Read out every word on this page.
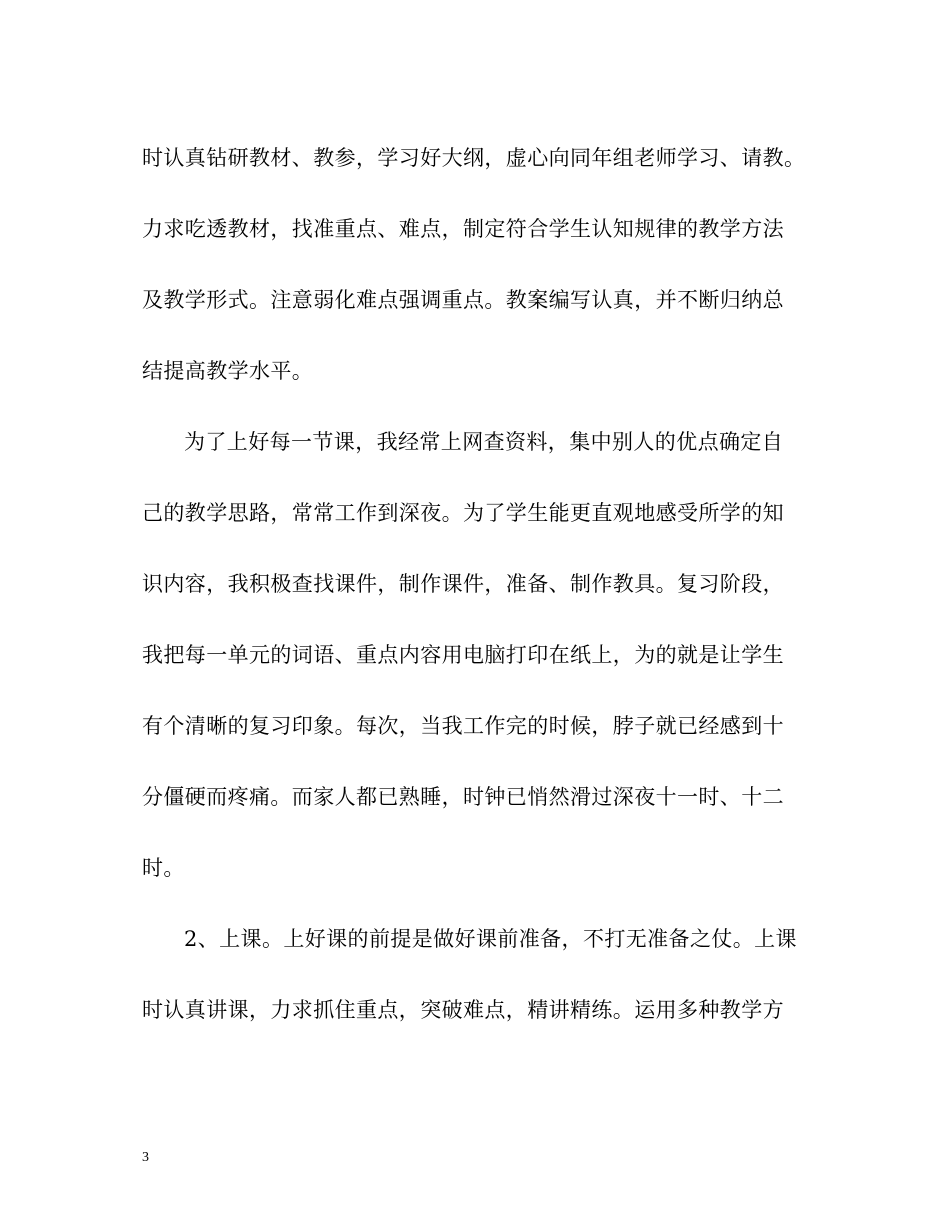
时认真钻研教材、教参，学习好大纲，虚心向同年组老师学习、请教。
力求吃透教材，找准重点、难点，制定符合学生认知规律的教学方法
及教学形式。注意弱化难点强调重点。教案编写认真，并不断归纳总
结提高教学水平。
为了上好每一节课，我经常上网查资料，集中别人的优点确定自
己的教学思路，常常工作到深夜。为了学生能更直观地感受所学的知
识内容，我积极查找课件，制作课件，准备、制作教具。复习阶段，
我把每一单元的词语、重点内容用电脑打印在纸上，为的就是让学生
有个清晰的复习印象。每次，当我工作完的时候，脖子就已经感到十
分僵硬而疼痛。而家人都已熟睡，时钟已悄然滑过深夜十一时、十二
时。
2、上课。上好课的前提是做好课前准备，不打无准备之仗。上课
时认真讲课，力求抓住重点，突破难点，精讲精练。运用多种教学方
3
